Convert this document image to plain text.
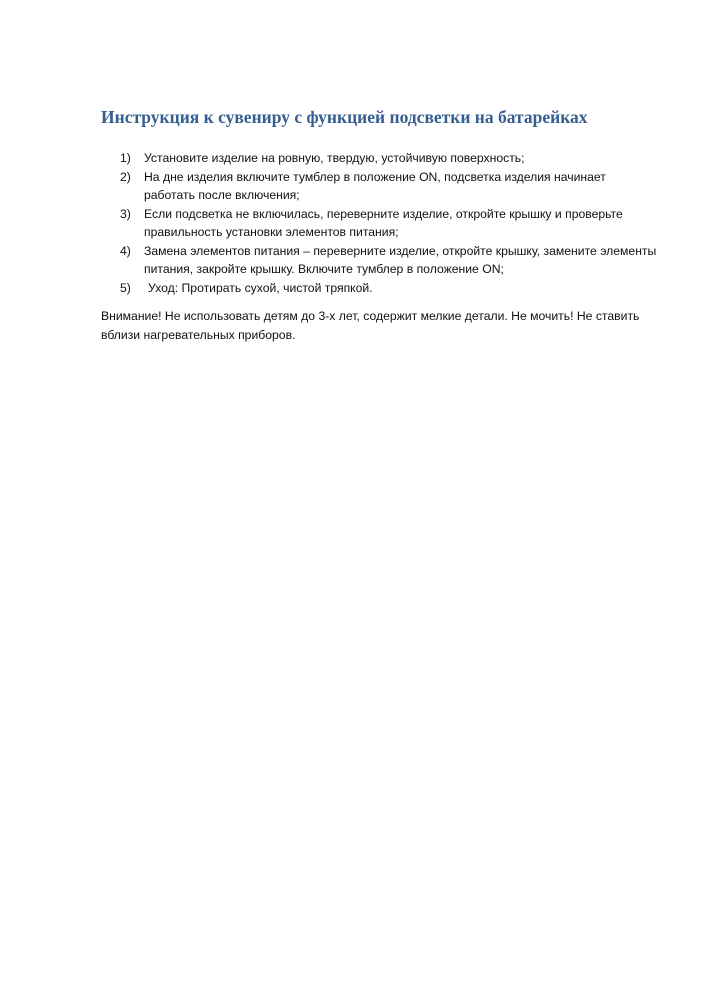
Инструкция к сувениру с функцией подсветки на батарейках
1) Установите изделие на ровную, твердую, устойчивую поверхность;
2) На дне изделия включите тумблер в положение ON, подсветка изделия начинает работать после включения;
3) Если подсветка не включилась, переверните изделие, откройте крышку и проверьте правильность установки элементов питания;
4) Замена элементов питания – переверните изделие, откройте крышку, замените элементы питания, закройте крышку. Включите тумблер в положение ON;
5) Уход: Протирать сухой, чистой тряпкой.

Внимание! Не использовать детям до 3-х лет, содержит мелкие детали. Не мочить! Не ставить вблизи нагревательных приборов.
